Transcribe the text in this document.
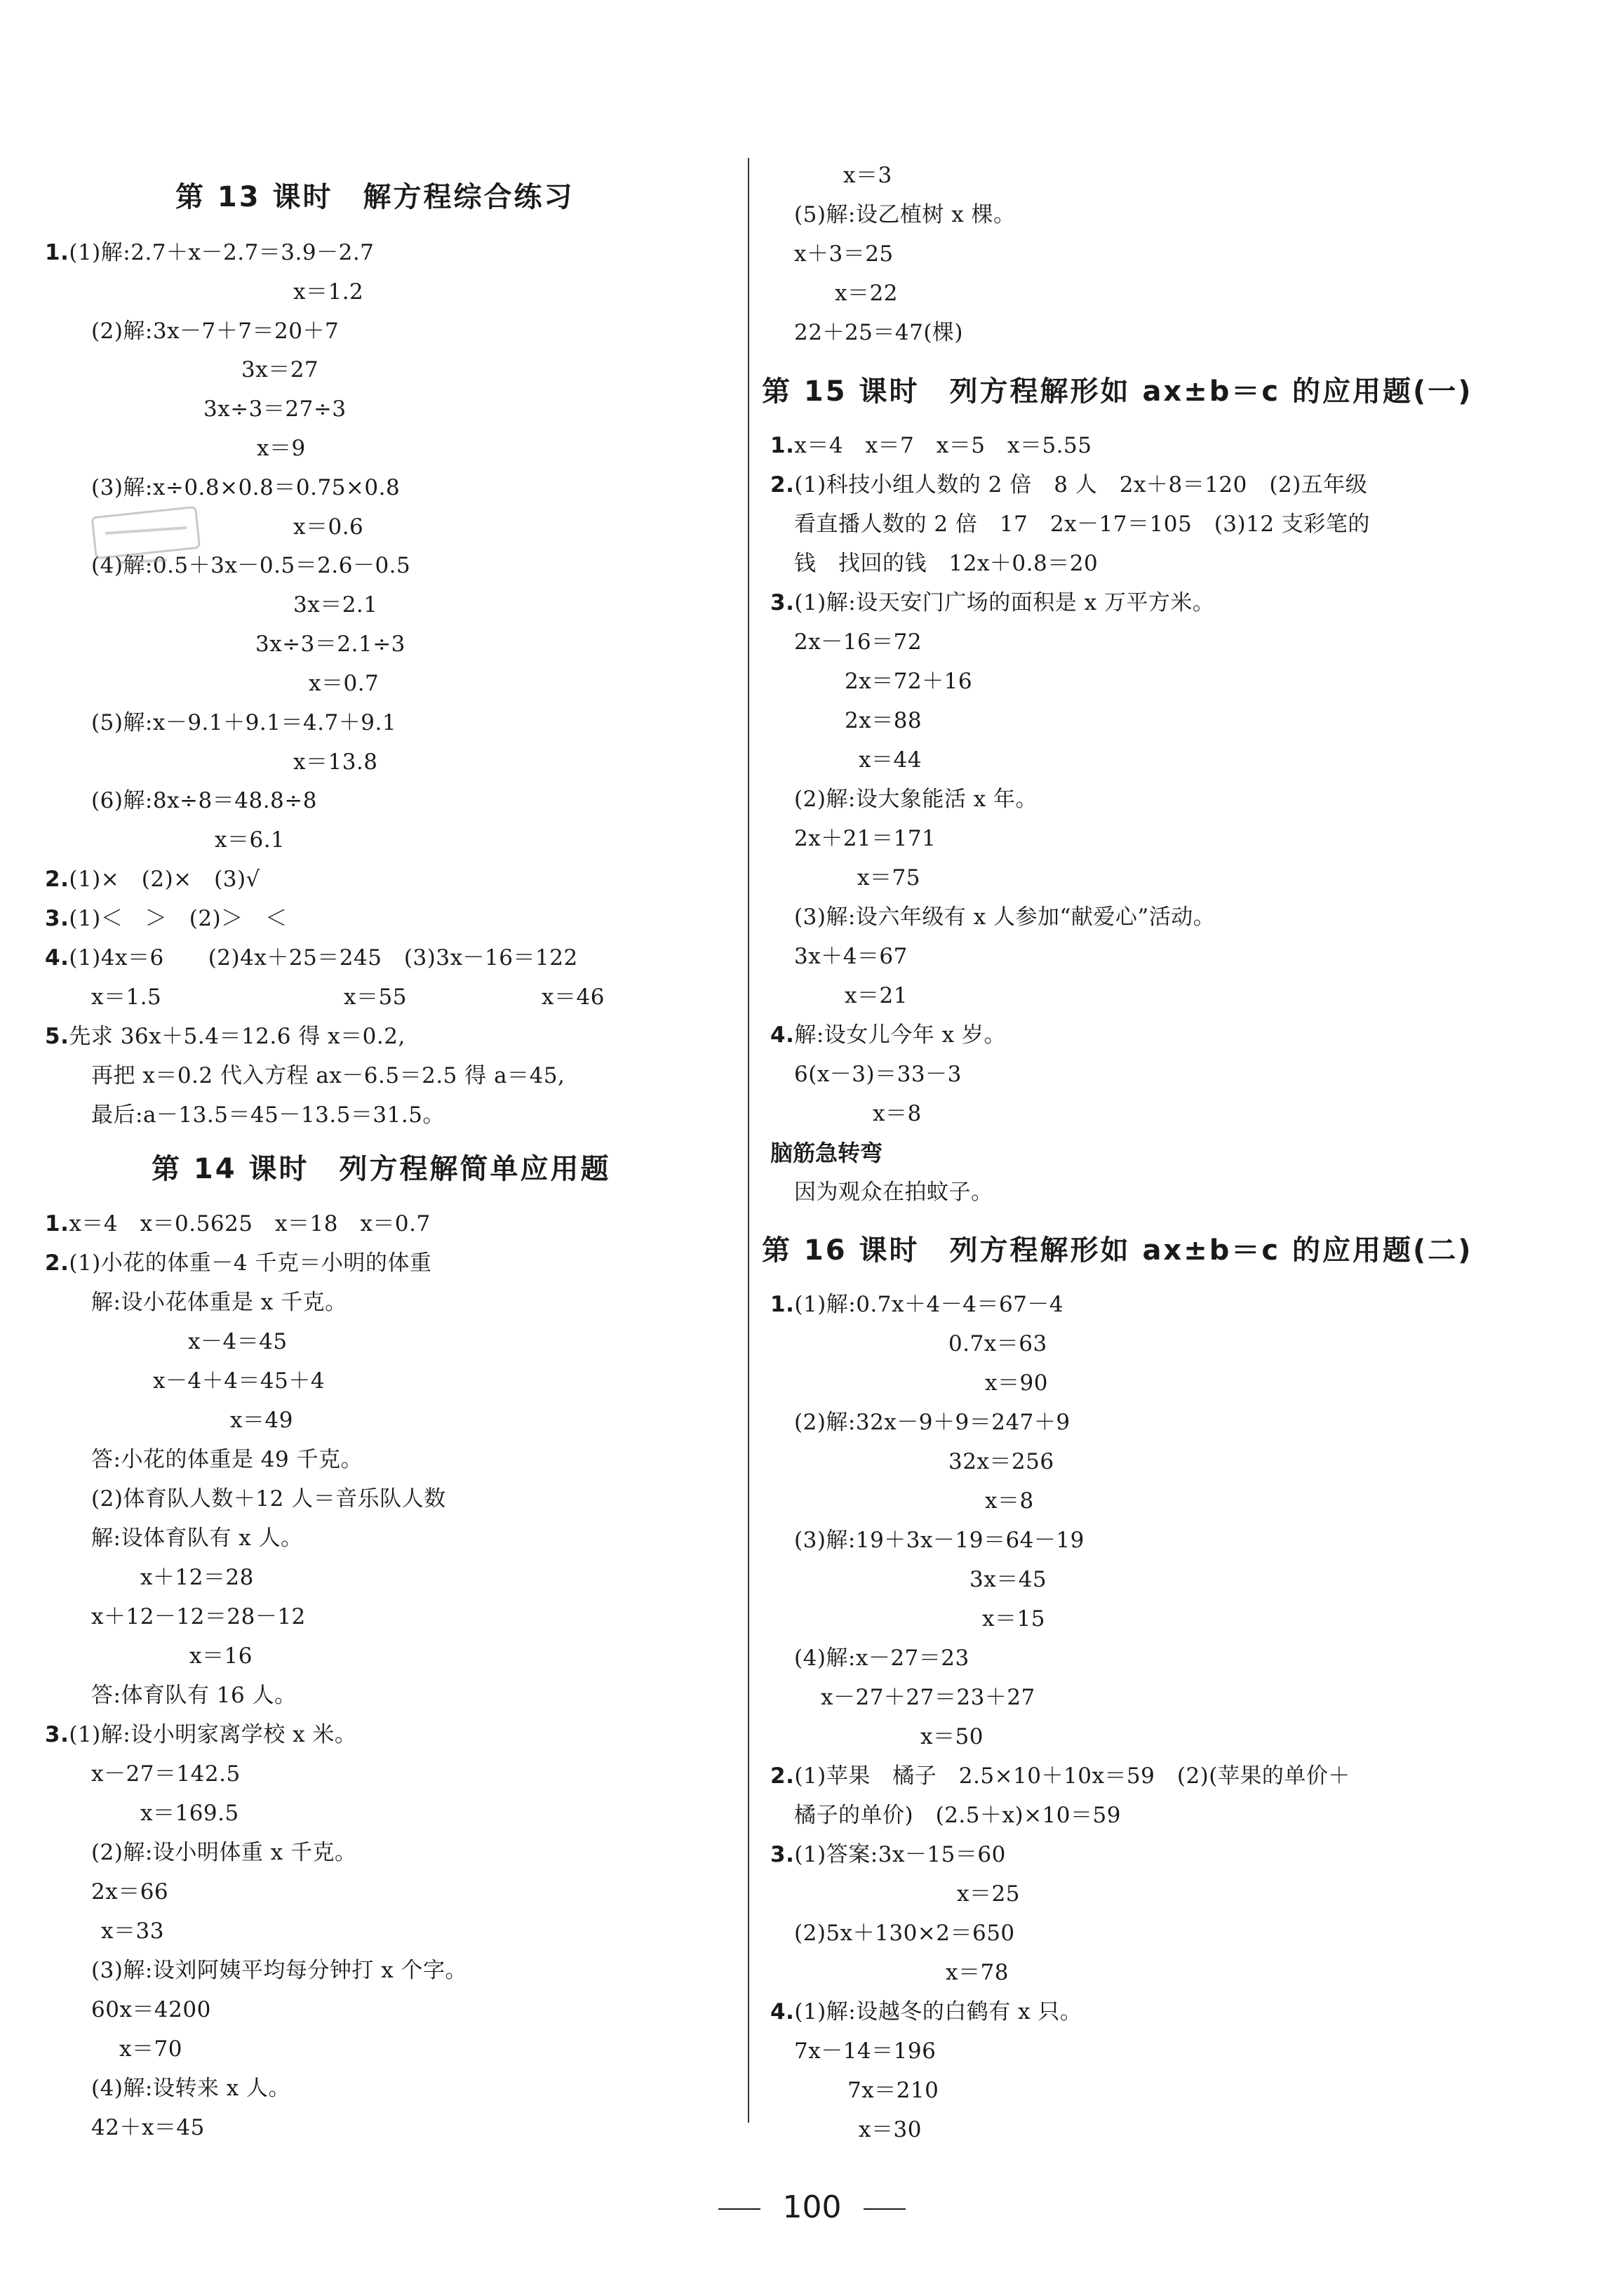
第 13 课时　解方程综合练习
1.(1)解:2.7＋x－2.7＝3.9－2.7
x＝1.2
(2)解:3x－7＋7＝20＋7
3x＝27
3x÷3＝27÷3
x＝9
(3)解:x÷0.8×0.8＝0.75×0.8
x＝0.6
(4)解:0.5＋3x－0.5＝2.6－0.5
3x＝2.1
3x÷3＝2.1÷3
x＝0.7
(5)解:x－9.1＋9.1＝4.7＋9.1
x＝13.8
(6)解:8x÷8＝48.8÷8
x＝6.1
2.(1)×　(2)×　(3)√
3.(1)＜　＞　(2)＞　＜
4.(1)4x＝6　　(2)4x＋25＝245　(3)3x－16＝122
x＝1.5	x＝55	x＝46
5.先求 36x＋5.4＝12.6 得 x＝0.2,
再把 x＝0.2 代入方程 ax－6.5＝2.5 得 a＝45,
最后:a－13.5＝45－13.5＝31.5。
第 14 课时　列方程解简单应用题
1.x＝4　x＝0.5625　x＝18　x＝0.7
2.(1)小花的体重－4 千克＝小明的体重
解:设小花体重是 x 千克。
x－4＝45
x－4＋4＝45＋4
x＝49
答:小花的体重是 49 千克。
(2)体育队人数＋12 人＝音乐队人数
解:设体育队有 x 人。
x＋12＝28
x＋12－12＝28－12
x＝16
答:体育队有 16 人。
3.(1)解:设小明家离学校 x 米。
x－27＝142.5
x＝169.5
(2)解:设小明体重 x 千克。
2x＝66
x＝33
(3)解:设刘阿姨平均每分钟打 x 个字。
60x＝4200
x＝70
(4)解:设转来 x 人。
42＋x＝45
x＝3
(5)解:设乙植树 x 棵。
x＋3＝25
x＝22
22＋25＝47(棵)
第 15 课时　列方程解形如 ax±b＝c 的应用题(一)
1.x＝4　x＝7　x＝5　x＝5.55
2.(1)科技小组人数的 2 倍　8 人　2x＋8＝120　(2)五年级
看直播人数的 2 倍　17　2x－17＝105　(3)12 支彩笔的
钱　找回的钱　12x＋0.8＝20
3.(1)解:设天安门广场的面积是 x 万平方米。
2x－16＝72
2x＝72＋16
2x＝88
x＝44
(2)解:设大象能活 x 年。
2x＋21＝171
x＝75
(3)解:设六年级有 x 人参加“献爱心”活动。
3x＋4＝67
x＝21
4.解:设女儿今年 x 岁。
6(x－3)＝33－3
x＝8
脑筋急转弯
因为观众在拍蚊子。
第 16 课时　列方程解形如 ax±b＝c 的应用题(二)
1.(1)解:0.7x＋4－4＝67－4
0.7x＝63
x＝90
(2)解:32x－9＋9＝247＋9
32x＝256
x＝8
(3)解:19＋3x－19＝64－19
3x＝45
x＝15
(4)解:x－27＝23
x－27＋27＝23＋27
x＝50
2.(1)苹果　橘子　2.5×10＋10x＝59　(2)(苹果的单价＋
橘子的单价)　(2.5＋x)×10＝59
3.(1)答案:3x－15＝60
x＝25
(2)5x＋130×2＝650
x＝78
4.(1)解:设越冬的白鹤有 x 只。
7x－14＝196
7x＝210
x＝30
100
